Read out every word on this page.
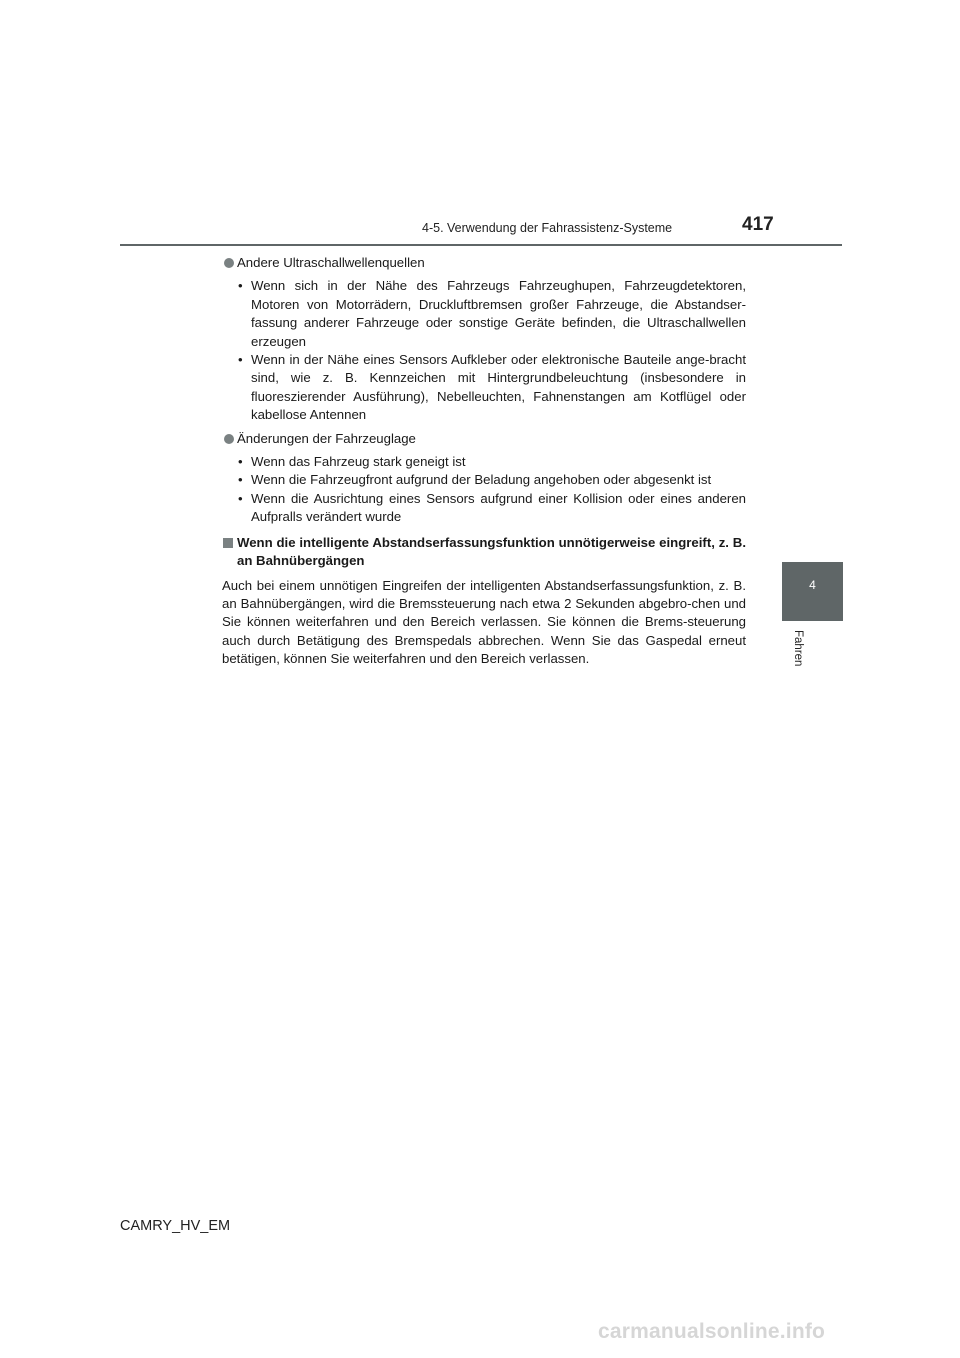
4-5. Verwendung der Fahrassistenz-Systeme	417
4
Fahren
Andere Ultraschallwellenquellen
• Wenn sich in der Nähe des Fahrzeugs Fahrzeughupen, Fahrzeugdetektoren, Motoren von Motorrädern, Druckluftbremsen großer Fahrzeuge, die Abstandser-fassung anderer Fahrzeuge oder sonstige Geräte befinden, die Ultraschallwellen erzeugen
• Wenn in der Nähe eines Sensors Aufkleber oder elektronische Bauteile ange-bracht sind, wie z. B. Kennzeichen mit Hintergrundbeleuchtung (insbesondere in fluoreszierender Ausführung), Nebelleuchten, Fahnenstangen am Kotflügel oder kabellose Antennen
Änderungen der Fahrzeuglage
• Wenn das Fahrzeug stark geneigt ist
• Wenn die Fahrzeugfront aufgrund der Beladung angehoben oder abgesenkt ist
• Wenn die Ausrichtung eines Sensors aufgrund einer Kollision oder eines anderen Aufpralls verändert wurde
Wenn die intelligente Abstandserfassungsfunktion unnötigerweise eingreift, z. B. an Bahnübergängen

Auch bei einem unnötigen Eingreifen der intelligenten Abstandserfassungsfunktion, z. B. an Bahnübergängen, wird die Bremssteuerung nach etwa 2 Sekunden abgebro-chen und Sie können weiterfahren und den Bereich verlassen. Sie können die Brems-steuerung auch durch Betätigung des Bremspedals abbrechen. Wenn Sie das Gaspedal erneut betätigen, können Sie weiterfahren und den Bereich verlassen.

CAMRY_HV_EM
carmanualsonline.info
